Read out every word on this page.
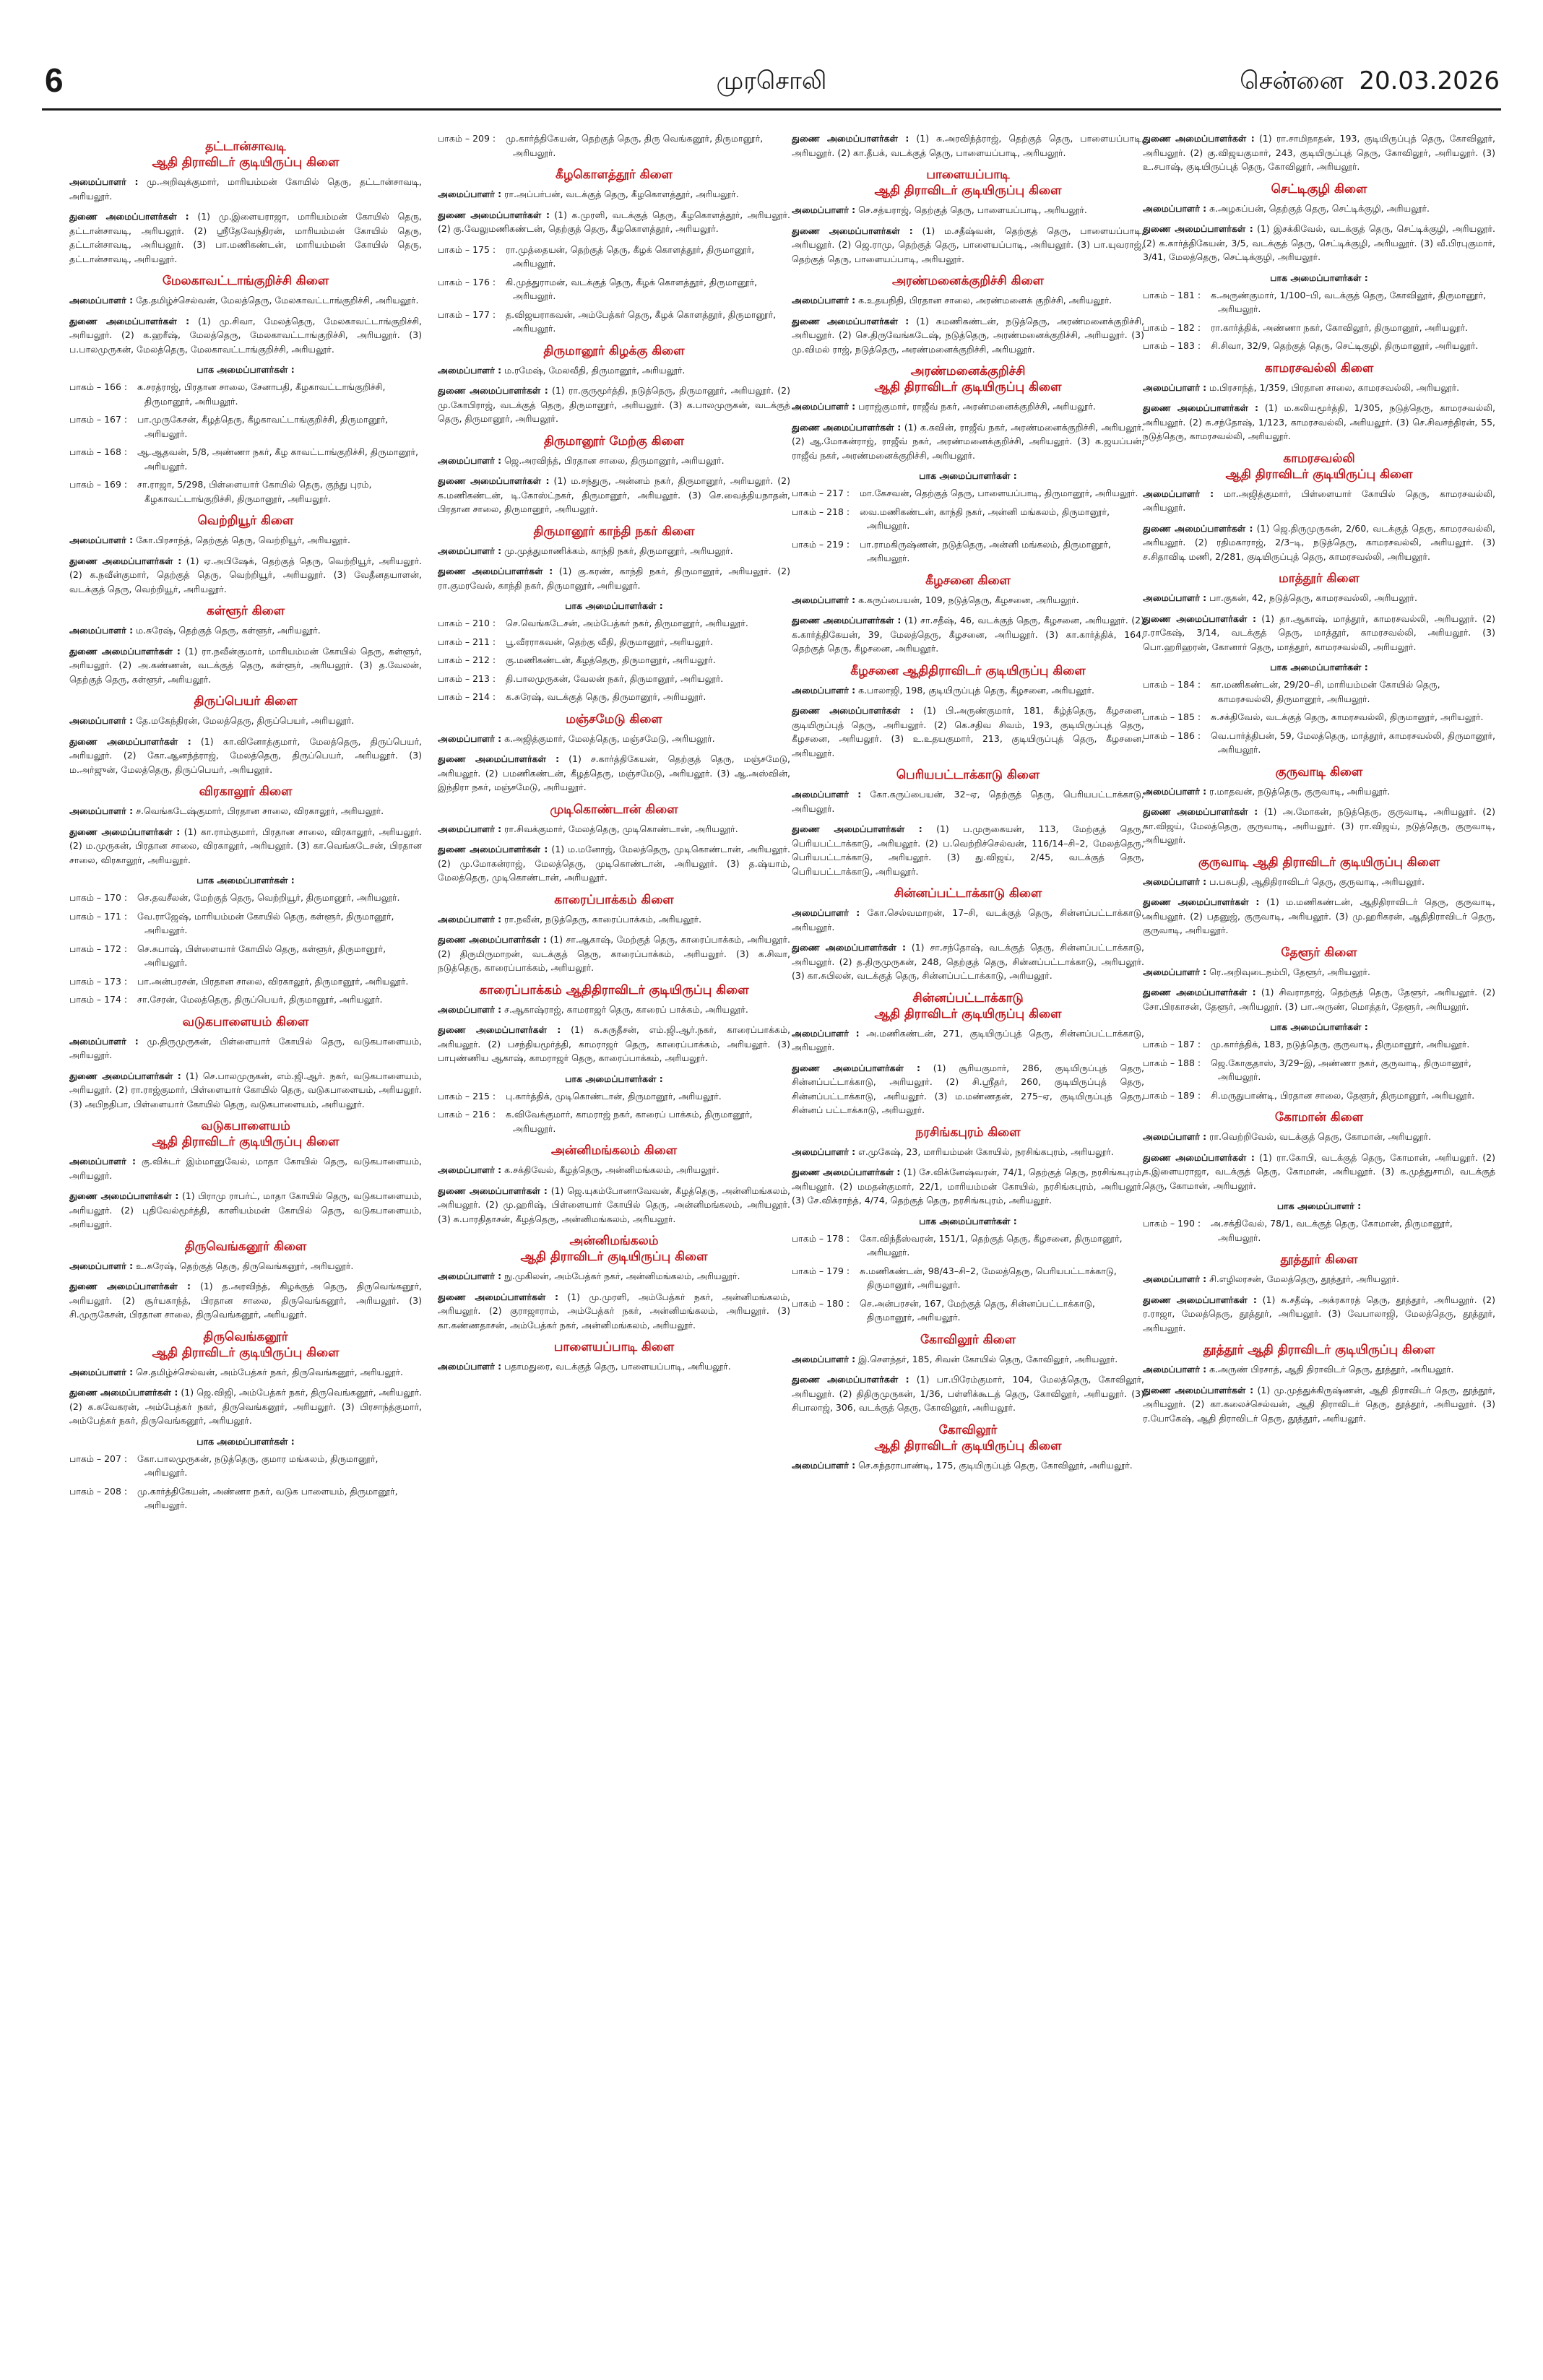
6	முரசொலி	சென்னை 20.03.2026
தட்டான்சாவடி
ஆதி திராவிடர் குடியிருப்பு கிளை
அமைப்பாளர் : மு.அறிவுக்குமார், மாரியம்மன் கோயில் தெரு, தட்டான்சாவடி, அரியலூர்.
துணை அமைப்பாளர்கள் : (1) மு.இளையராஜா, மாரியம்மன் கோயில் தெரு, தட்டான்சாவடி, அரியலூர். (2) ஸ்ரீதேவேந்திரன், மாரியம்மன் கோயில் தெரு, தட்டான்சாவடி, அரியலூர். (3) பா.மணிகண்டன், மாரியம்மன் கோயில் தெரு, தட்டான்சாவடி, அரியலூர்.
மேலகாவட்டாங்குறிச்சி கிளை
அமைப்பாளர் : தே.தமிழ்ச்செல்வன், மேலத்தெரு, மேலகாவட்டாங்குறிச்சி, அரியலூர்.
துணை அமைப்பாளர்கள் : (1) மு.சிவா, மேலத்தெரு, மேலகாவட்டாங்குறிச்சி, அரியலூர். (2) க.ஹரீஷ், மேலத்தெரு, மேலகாவட்டாங்குறிச்சி, அரியலூர். (3) ப.பாலமுருகன், மேலத்தெரு, மேலகாவட்டாங்குறிச்சி, அரியலூர்.
பாக அமைப்பாளர்கள் :
பாகம் – 166 :	க.சரத்ராஜ், பிரதான சாலை, சேனாபதி, கீழகாவட்டாங்குறிச்சி, திருமானூர், அரியலூர்.
பாகம் – 167 :	பா.முருகேசன், கீழத்தெரு, கீழகாவட்டாங்குறிச்சி, திருமானூர், அரியலூர்.
பாகம் – 168 :	ஆ.ஆதவன், 5/8, அண்ணா நகர், கீழ காவட்டாங்குறிச்சி, திருமானூர், அரியலூர்.
பாகம் – 169 :	சா.ராஜா, 5/298, பிள்ளையார் கோயில் தெரு, குந்து புரம், கீழகாவட்டாங்குறிச்சி, திருமானூர், அரியலூர்.
வெற்றியூர் கிளை
அமைப்பாளர் : கோ.பிரசாந்த், தெற்குத் தெரு, வெற்றியூர், அரியலூர்.
துணை அமைப்பாளர்கள் : (1) ஏ.அபிஷேக், தெற்குத் தெரு, வெற்றியூர், அரியலூர். (2) க.நவீன்குமார், தெற்குத் தெரு, வெற்றியூர், அரியலூர். (3) வேதீனதயாளன், வடக்குத் தெரு, வெற்றியூர், அரியலூர்.
கள்ளூர் கிளை
அமைப்பாளர் : ம.சுரேஷ், தெற்குத் தெரு, கள்ளூர், அரியலூர்.
துணை அமைப்பாளர்கள் : (1) ரா.நவீன்குமார், மாரியம்மன் கோயில் தெரு, கள்ளூர், அரியலூர். (2) அ.கண்ணன், வடக்குத் தெரு, கள்ளூர், அரியலூர். (3) த.வேலன், தெற்குத் தெரு, கள்ளூர், அரியலூர்.
திருப்பெயர் கிளை
அமைப்பாளர் : தே.மகேந்திரன், மேலத்தெரு, திருப்பெயர், அரியலூர்.
துணை அமைப்பாளர்கள் : (1) கா.வினோத்குமார், மேலத்தெரு, திருப்பெயர், அரியலூர். (2) கோ.ஆனந்த்ராஜ், மேலத்தெரு, திருப்பெயர், அரியலூர். (3) ம.அர்ஜுன், மேலத்தெரு, திருப்பெயர், அரியலூர்.
விரகாலூர் கிளை
அமைப்பாளர் : ச.வெங்கடேஷ்குமார், பிரதான சாலை, விரகாலூர், அரியலூர்.
துணை அமைப்பாளர்கள் : (1) கா.ராம்குமார், பிரதான சாலை, விரகாலூர், அரியலூர். (2) ம.முருகன், பிரதான சாலை, விரகாலூர், அரியலூர். (3) கா.வெங்கடேசன், பிரதான சாலை, விரகாலூர், அரியலூர்.
பாக அமைப்பாளர்கள் :
பாகம் – 170 :	செ.தவசீலன், மேற்குத் தெரு, வெற்றியூர், திருமானூர், அரியலூர்.
பாகம் – 171 :	வே.ராஜேஷ், மாரியம்மன் கோயில் தெரு, கள்ளூர், திருமானூர், அரியலூர்.
பாகம் – 172 :	செ.சுபாஷ், பிள்ளையார் கோயில் தெரு, கள்ளூர், திருமானூர், அரியலூர்.
பாகம் – 173 :	பா.அன்பரசன், பிரதான சாலை, விரகாலூர், திருமானூர், அரியலூர்.
பாகம் – 174 :	சா.சேரன், மேலத்தெரு, திருப்பெயர், திருமானூர், அரியலூர்.
வடுகபாளையம் கிளை
அமைப்பாளர் : மு.திருமுருகன், பிள்ளையார் கோயில் தெரு, வடுகபாளையம், அரியலூர்.
துணை அமைப்பாளர்கள் : (1) செ.பாலமுருகன், எம்.ஜி.ஆர். நகர், வடுகபாளையம், அரியலூர். (2) ரா.ராஜ்குமார், பிள்ளையார் கோயில் தெரு, வடுகபாளையம், அரியலூர். (3) அபிநதிபா, பிள்ளையார் கோயில் தெரு, வடுகபாளையம், அரியலூர்.
வடுகபாளையம்
ஆதி திராவிடர் குடியிருப்பு கிளை
அமைப்பாளர் : கு.விக்டர் இம்மானுவேல், மாதா கோயில் தெரு, வடுகபாளையம், அரியலூர்.
துணை அமைப்பாளர்கள் : (1) பிராமு ராபர்ட், மாதா கோயில் தெரு, வடுகபாளையம், அரியலூர். (2) புதிவேல்மூர்த்தி, காளியம்மன் கோயில் தெரு, வடுகபாளையம், அரியலூர்.
திருவெங்கனூர் கிளை
அமைப்பாளர் : உ.சுரேஷ், தெற்குத் தெரு, திருவெங்கனூர், அரியலூர்.
துணை அமைப்பாளர்கள் : (1) த.அரவிந்த், கிழக்குத் தெரு, திருவெங்கனூர், அரியலூர். (2) சூர்யகாந்த், பிரதான சாலை, திருவெங்கனூர், அரியலூர். (3) சி.முருகேசன், பிரதான சாலை, திருவெங்கனூர், அரியலூர்.
திருவெங்கனூர்
ஆதி திராவிடர் குடியிருப்பு கிளை
அமைப்பாளர் : செ.தமிழ்ச்செல்வன், அம்பேத்கர் நகர், திருவெங்கனூர், அரியலூர்.
துணை அமைப்பாளர்கள் : (1) ஜெ.விஜி, அம்பேத்கர் நகர், திருவெங்கனூர், அரியலூர். (2) க.சுவேகரன், அம்பேத்கர் நகர், திருவெங்கனூர், அரியலூர். (3) பிரசாந்த்குமார், அம்பேத்கர் நகர், திருவெங்கனூர், அரியலூர்.
பாக அமைப்பாளர்கள் :
பாகம் – 207 :	கோ.பாலமுருகன், நடுத்தெரு, குமார மங்கலம், திருமானூர், அரியலூர்.
பாகம் – 208 :	மு.கார்த்திகேயன், அண்ணா நகர், வடுக பாளையம், திருமானூர், அரியலூர்.
பாகம் – 209 :	மு.கார்த்திகேயன், தெற்குத் தெரு, திரு வெங்கனூர், திருமானூர், அரியலூர்.
கீழகொளத்தூர் கிளை
அமைப்பாளர் : ரா.அப்பர்பன், வடக்குத் தெரு, கீழகொளத்தூர், அரியலூர்.
துணை அமைப்பாளர்கள் : (1) க.முரளி, வடக்குத் தெரு, கீழகொளத்தூர், அரியலூர். (2) கு.வேலுமணிகண்டன், தெற்குத் தெரு, கீழகொளத்தூர், அரியலூர்.
பாகம் – 175 :	ரா.முத்தையன், தெற்குத் தெரு, கீழக் கொளத்தூர், திருமானூர், அரியலூர்.
பாகம் – 176 :	கி.முத்துராமன், வடக்குத் தெரு, கீழக் கொளத்தூர், திருமானூர், அரியலூர்.
பாகம் – 177 :	த.விஜயராகவன், அம்பேத்கர் தெரு, கீழக் கொளத்தூர், திருமானூர், அரியலூர்.
திருமானூர் கிழக்கு கிளை
அமைப்பாளர் : ம.ரமேஷ், மேலவீதி, திருமானூர், அரியலூர்.
துணை அமைப்பாளர்கள் : (1) ரா.குருமூர்த்தி, நடுத்தெரு, திருமானூர், அரியலூர். (2) மு.கோபிராஜ், வடக்குத் தெரு, திருமானூர், அரியலூர். (3) க.பாலமுருகன், வடக்குத் தெரு, திருமானூர், அரியலூர்.
திருமானூர் மேற்கு கிளை
அமைப்பாளர் : ஜெ.அரவிந்த், பிரதான சாலை, திருமானூர், அரியலூர்.
துணை அமைப்பாளர்கள் : (1) ம.சந்துரு, அன்னம் நகர், திருமானூர், அரியலூர். (2) க.மணிகண்டன், டி.கோஸ்ட்நகர், திருமானூர், அரியலூர். (3) செ.வைத்தியநாதன், பிரதான சாலை, திருமானூர், அரியலூர்.
திருமானூர் காந்தி நகர் கிளை
அமைப்பாளர் : மு.முத்துமாணிக்கம், காந்தி நகர், திருமானூர், அரியலூர்.
துணை அமைப்பாளர்கள் : (1) கு.கரண், காந்தி நகர், திருமானூர், அரியலூர். (2) ரா.குமரவேல், காந்தி நகர், திருமானூர், அரியலூர்.
பாக அமைப்பாளர்கள் :
பாகம் – 210 :	செ.வெங்கடேசன், அம்பேத்கர் நகர், திருமானூர், அரியலூர்.
பாகம் – 211 :	பூ.வீரராகவன், தெற்கு வீதி, திருமானூர், அரியலூர்.
பாகம் – 212 :	கு.மணிகண்டன், கீழத்தெரு, திருமானூர், அரியலூர்.
பாகம் – 213 :	தி.பாலமுருகன், வேலன் நகர், திருமானூர், அரியலூர்.
பாகம் – 214 :	க.சுரேஷ், வடக்குத் தெரு, திருமானூர், அரியலூர்.
மஞ்சமேடு கிளை
அமைப்பாளர் : க.அஜித்குமார், மேலத்தெரு, மஞ்சமேடு, அரியலூர்.
துணை அமைப்பாளர்கள் : (1) ச.கார்த்திகேயன், தெற்குத் தெரு, மஞ்சமேடு, அரியலூர். (2) பமணிகண்டன், கீழத்தெரு, மஞ்சமேடு, அரியலூர். (3) ஆ.அஸ்வின், இந்திரா நகர், மஞ்சமேடு, அரியலூர்.
முடிகொண்டான் கிளை
அமைப்பாளர் : ரா.சிவக்குமார், மேலத்தெரு, முடிகொண்டான், அரியலூர்.
துணை அமைப்பாளர்கள் : (1) ம.மனோஜ், மேலத்தெரு, முடிகொண்டான், அரியலூர். (2) மு.மோகன்ராஜ், மேலத்தெரு, முடிகொண்டான், அரியலூர். (3) த.ஷ்யாம், மேலத்தெரு, முடிகொண்டான், அரியலூர்.
காரைப்பாக்கம் கிளை
அமைப்பாளர் : ரா.நவீன், நடுத்தெரு, காரைப்பாக்கம், அரியலூர்.
துணை அமைப்பாளர்கள் : (1) சா.ஆகாஷ், மேற்குத் தெரு, காரைப்பாக்கம், அரியலூர். (2) திருமிருமாறன், வடக்குத் தெரு, காரைப்பாக்கம், அரியலூர். (3) க.சிவா, நடுத்தெரு, காரைப்பாக்கம், அரியலூர்.
காரைப்பாக்கம் ஆதிதிராவிடர் குடியிருப்பு கிளை
அமைப்பாளர் : ச.ஆகாஷ்ராஜ், காமராஜர் தெரு, காரைப் பாக்கம், அரியலூர்.
துணை அமைப்பாளர்கள் : (1) சு.சுருதீசன், எம்.ஜி.ஆர்.நகர், காரைப்பாக்கம், அரியலூர். (2) பசந்தியமூர்த்தி, காமராஜர் தெரு, காரைப்பாக்கம், அரியலூர். (3) பாபுண்ணிய ஆகாஷ், காமராஜர் தெரு, காரைப்பாக்கம், அரியலூர்.
பாக அமைப்பாளர்கள் :
பாகம் – 215 :	பு.கார்த்திக், முடிகொண்டான், திருமானூர், அரியலூர்.
பாகம் – 216 :	க.விவேக்குமார், காமராஜ் நகர், காரைப் பாக்கம், திருமானூர், அரியலூர்.
அன்னிமங்கலம் கிளை
அமைப்பாளர் : க.சக்திவேல், கீழத்தெரு, அன்னிமங்கலம், அரியலூர்.
துணை அமைப்பாளர்கள் : (1) ஜெ.யுகம்போனாவேவன், கீழத்தெரு, அன்னிமங்கலம், அரியலூர். (2) மு.ஹரிஷ், பிள்ளையார் கோயில் தெரு, அன்னிமங்கலம், அரியலூர். (3) சு.பாரதிதாசன், கீழத்தெரு, அன்னிமங்கலம், அரியலூர்.
அன்னிமங்கலம்
ஆதி திராவிடர் குடியிருப்பு கிளை
அமைப்பாளர் : நு.முகிலன், அம்பேத்கர் நகர், அன்னிமங்கலம், அரியலூர்.
துணை அமைப்பாளர்கள் : (1) மு.முரளி, அம்பேத்கர் நகர், அன்னிமங்கலம், அரியலூர். (2) குராஜாராம், அம்பேத்கர் நகர், அன்னிமங்கலம், அரியலூர். (3) கா.கண்ணதாசன், அம்பேத்கர் நகர், அன்னிமங்கலம், அரியலூர்.
பாளையப்பாடி கிளை
அமைப்பாளர் : பதாமதுரை, வடக்குத் தெரு, பாளையப்பாடி, அரியலூர்.
துணை அமைப்பாளர்கள் : (1) சு.அரவிந்த்ராஜ், தெற்குத் தெரு, பாளையப்பாடி, அரியலூர். (2) கா.தீபக், வடக்குத் தெரு, பாளையப்பாடி, அரியலூர்.
பாளையப்பாடி
ஆதி திராவிடர் குடியிருப்பு கிளை
அமைப்பாளர் : செ.சத்யராஜ், தெற்குத் தெரு, பாளையப்பாடி, அரியலூர்.
துணை அமைப்பாளர்கள் : (1) ம.சதீஷ்வன், தெற்குத் தெரு, பாளையப்பாடி, அரியலூர். (2) ஜெ.ராமு, தெற்குத் தெரு, பாளையப்பாடி, அரியலூர். (3) பா.யுவராஜ், தெற்குத் தெரு, பாளையப்பாடி, அரியலூர்.
அரண்மனைக்குறிச்சி கிளை
அமைப்பாளர் : க.உதயநிதி, பிரதான சாலை, அரண்மனைக் குறிச்சி, அரியலூர்.
துணை அமைப்பாளர்கள் : (1) சுமணிகண்டன், நடுத்தெரு, அரண்மனைக்குறிச்சி, அரியலூர். (2) செ.திருவேங்கடேஷ், நடுத்தெரு, அரண்மனைக்குறிச்சி, அரியலூர். (3) மு.விமல் ராஜ், நடுத்தெரு, அரண்மனைக்குறிச்சி, அரியலூர்.
அரண்மனைக்குறிச்சி
ஆதி திராவிடர் குடியிருப்பு கிளை
அமைப்பாளர் : பராஜ்குமார், ராஜீவ் நகர், அரண்மனைக்குறிச்சி, அரியலூர்.
துணை அமைப்பாளர்கள் : (1) க.கவின், ராஜீவ் நகர், அரண்மனைக்குறிச்சி, அரியலூர். (2) ஆ.மோகன்ராஜ், ராஜீவ் நகர், அரண்மனைக்குறிச்சி, அரியலூர். (3) க.ஜயப்பன், ராஜீவ் நகர், அரண்மனைக்குறிச்சி, அரியலூர்.
பாக அமைப்பாளர்கள் :
பாகம் – 217 :	மா.கேசவன், தெற்குத் தெரு, பாளையப்பாடி, திருமானூர், அரியலூர்.
பாகம் – 218 :	வை.மணிகண்டன், காந்தி நகர், அன்னி மங்கலம், திருமானூர், அரியலூர்.
பாகம் – 219 :	பா.ராமகிருஷ்ணன், நடுத்தெரு, அன்னி மங்கலம், திருமானூர், அரியலூர்.
கீழசனை கிளை
அமைப்பாளர் : க.கருப்பையன், 109, நடுத்தெரு, கீழசனை, அரியலூர்.
துணை அமைப்பாளர்கள் : (1) சா.சதீஷ், 46, வடக்குத் தெரு, கீழசனை, அரியலூர். (2) க.கார்த்திகேயன், 39, மேலத்தெரு, கீழசனை, அரியலூர். (3) கா.கார்த்திக், 164, தெற்குத் தெரு, கீழசனை, அரியலூர்.
கீழசனை ஆதிதிராவிடர் குடியிருப்பு கிளை
அமைப்பாளர் : க.பாலாஜி, 198, குடியிருப்புத் தெரு, கீழசனை, அரியலூர்.
துணை அமைப்பாளர்கள் : (1) பி.அருண்குமார், 181, கீழ்த்தெரு, கீழசனை, குடியிருப்புத் தெரு, அரியலூர். (2) கெ.சதிவ சிவம், 193, குடியிருப்புத் தெரு, கீழசனை, அரியலூர். (3) உ.உதயகுமார், 213, குடியிருப்புத் தெரு, கீழசனை, அரியலூர்.
பெரியபட்டாக்காடு கிளை
அமைப்பாளர் : கோ.கருப்பையன், 32–ஏ, தெற்குத் தெரு, பெரியபட்டாக்காடு, அரியலூர்.
துணை அமைப்பாளர்கள் : (1) ப.முருகையன், 113, மேற்குத் தெரு, பெரியபட்டாக்காடு, அரியலூர். (2) ப.வெற்றிச்செல்வன், 116/14–சி–2, மேலத்தெரு, பெரியபட்டாக்காடு, அரியலூர். (3) து.விஜய், 2/45, வடக்குத் தெரு, பெரியபட்டாக்காடு, அரியலூர்.
சின்னப்பட்டாக்காடு கிளை
அமைப்பாளர் : கோ.செல்வமாறன், 17–சி, வடக்குத் தெரு, சின்னப்பட்டாக்காடு, அரியலூர்.
துணை அமைப்பாளர்கள் : (1) சா.சந்தோஷ், வடக்குத் தெரு, சின்னப்பட்டாக்காடு, அரியலூர். (2) த.திருமுருகன், 248, தெற்குத் தெரு, சின்னப்பட்டாக்காடு, அரியலூர். (3) கா.சுபிலன், வடக்குத் தெரு, சின்னப்பட்டாக்காடு, அரியலூர்.
சின்னப்பட்டாக்காடு
ஆதி திராவிடர் குடியிருப்பு கிளை
அமைப்பாளர் : அ.மணிகண்டன், 271, குடியிருப்புத் தெரு, சின்னப்பட்டாக்காடு, அரியலூர்.
துணை அமைப்பாளர்கள் : (1) சூரியகுமார், 286, குடியிருப்புத் தெரு, சின்னப்பட்டாக்காடு, அரியலூர். (2) சி.ஸ்ரீதர், 260, குடியிருப்புத் தெரு, சின்னப்பட்டாக்காடு, அரியலூர். (3) ம.மண்ணதன், 275–ஏ, குடியிருப்புத் தெரு, சின்னப் பட்டாக்காடு, அரியலூர்.
நரசிங்கபுரம் கிளை
அமைப்பாளர் : எ.முகேஷ், 23, மாரியம்மன் கோயில், நரசிங்கபுரம், அரியலூர்.
துணை அமைப்பாளர்கள் : (1) சே.விக்னேஷ்வரன், 74/1, தெற்குத் தெரு, நரசிங்கபுரம், அரியலூர். (2) மமதன்குமார், 22/1, மாரியம்மன் கோயில், நரசிங்கபுரம், அரியலூர். (3) சே.விக்ராந்த், 4/74, தெற்குத் தெரு, நரசிங்கபுரம், அரியலூர்.
பாக அமைப்பாளர்கள் :
பாகம் – 178 :	கோ.விந்தீஸ்வரன், 151/1, தெற்குத் தெரு, கீழசனை, திருமானூர், அரியலூர்.
பாகம் – 179 :	சு.மணிகண்டன், 98/43–சி–2, மேலத்தெரு, பெரியபட்டாக்காடு, திருமானூர், அரியலூர்.
பாகம் – 180 :	செ.அன்பரசன், 167, மேற்குத் தெரு, சின்னப்பட்டாக்காடு, திருமானூர், அரியலூர்.
கோவிலூர் கிளை
அமைப்பாளர் : இ.சௌந்தர், 185, சிவன் கோயில் தெரு, கோவிலூர், அரியலூர்.
துணை அமைப்பாளர்கள் : (1) பா.பிரேம்குமார், 104, மேலத்தெரு, கோவிலூர், அரியலூர். (2) திதிருமுருகன், 1/36, பள்ளிக்கூடத் தெரு, கோவிலூர், அரியலூர். (3) சிபாலாஜ், 306, வடக்குத் தெரு, கோவிலூர், அரியலூர்.
கோவிலூர்
ஆதி திராவிடர் குடியிருப்பு கிளை
அமைப்பாளர் : செ.சுந்தராபாண்டி, 175, குடியிருப்புத் தெரு, கோவிலூர், அரியலூர்.
துணை அமைப்பாளர்கள் : (1) ரா.சாமிநாதன், 193, குடியிருப்புத் தெரு, கோவிலூர், அரியலூர். (2) கு.விஜயகுமார், 243, குடியிருப்புத் தெரு, கோவிலூர், அரியலூர். (3) உ.சபாஷ், குடியிருப்புத் தெரு, கோவிலூர், அரியலூர்.
செட்டிகுழி கிளை
அமைப்பாளர் : சு.அழகப்பன், தெற்குத் தெரு, செட்டிக்குழி, அரியலூர்.
துணை அமைப்பாளர்கள் : (1) இசக்கிவேல், வடக்குத் தெரு, செட்டிக்குழி, அரியலூர். (2) க.கார்த்திகேயன், 3/5, வடக்குத் தெரு, செட்டிக்குழி, அரியலூர். (3) வீ.பிரபுகுமார், 3/41, மேலத்தெரு, செட்டிக்குழி, அரியலூர்.
பாக அமைப்பாளர்கள் :
பாகம் – 181 :	க.அருண்குமார், 1/100–பி, வடக்குத் தெரு, கோவிலூர், திருமானூர், அரியலூர்.
பாகம் – 182 :	ரா.கார்த்திக், அண்ணா நகர், கோவிலூர், திருமானூர், அரியலூர்.
பாகம் – 183 :	சி.சிவா, 32/9, தெற்குத் தெரு, செட்டிகுழி, திருமானூர், அரியலூர்.
காமரசவல்லி கிளை
அமைப்பாளர் : ம.பிரசாந்த், 1/359, பிரதான சாலை, காமரசவல்லி, அரியலூர்.
துணை அமைப்பாளர்கள் : (1) ம.கலியமூர்த்தி, 1/305, நடுத்தெரு, காமரசவல்லி, அரியலூர். (2) சு.சந்தோஷ், 1/123, காமரசவல்லி, அரியலூர். (3) செ.சிவசந்திரன், 55, நடுத்தெரு, காமரசவல்லி, அரியலூர்.
காமரசவல்லி
ஆதி திராவிடர் குடியிருப்பு கிளை
அமைப்பாளர் : மா.அஜித்குமார், பிள்ளையார் கோயில் தெரு, காமரசவல்லி, அரியலூர்.
துணை அமைப்பாளர்கள் : (1) ஜெ.திருமுருகன், 2/60, வடக்குத் தெரு, காமரசவல்லி, அரியலூர். (2) ரதிமகாராஜ், 2/3–டி, நடுத்தெரு, காமரசவல்லி, அரியலூர். (3) ச.சிதாவிடி மணி, 2/281, குடியிருப்புத் தெரு, காமரசவல்லி, அரியலூர்.
மாத்தூர் கிளை
அமைப்பாளர் : பா.குகன், 42, நடுத்தெரு, காமரசவல்லி, அரியலூர்.
துணை அமைப்பாளர்கள் : (1) தா.ஆகாஷ், மாத்தூர், காமரசவல்லி, அரியலூர். (2) ர.ராகேஷ், 3/14, வடக்குத் தெரு, மாத்தூர், காமரசவல்லி, அரியலூர். (3) பொ.ஹரிஹரன், கோனார் தெரு, மாத்தூர், காமரசவல்லி, அரியலூர்.
பாக அமைப்பாளர்கள் :
பாகம் – 184 :	கா.மணிகண்டன், 29/20–சி, மாரியம்மன் கோயில் தெரு, காமரசவல்லி, திருமானூர், அரியலூர்.
பாகம் – 185 :	சு.சக்திவேல், வடக்குத் தெரு, காமரசவல்லி, திருமானூர், அரியலூர்.
பாகம் – 186 :	வெ.பார்த்திபன், 59, மேலத்தெரு, மாத்தூர், காமரசவல்லி, திருமானூர், அரியலூர்.
குருவாடி கிளை
அமைப்பாளர் : ர.மாதவன், நடுத்தெரு, குருவாடி, அரியலூர்.
துணை அமைப்பாளர்கள் : (1) அ.மோகன், நடுத்தெரு, குருவாடி, அரியலூர். (2) கா.விஜய், மேலத்தெரு, குருவாடி, அரியலூர். (3) ரா.விஜய், நடுத்தெரு, குருவாடி, அரியலூர்.
குருவாடி ஆதி திராவிடர் குடியிருப்பு கிளை
அமைப்பாளர் : ப.பசுபதி, ஆதிதிராவிடர் தெரு, குருவாடி, அரியலூர்.
துணை அமைப்பாளர்கள் : (1) ம.மணிகண்டன், ஆதிதிராவிடர் தெரு, குருவாடி, அரியலூர். (2) பதனுஜ், குருவாடி, அரியலூர். (3) மு.ஹரிகரன், ஆதிதிராவிடர் தெரு, குருவாடி, அரியலூர்.
தேளூர் கிளை
அமைப்பாளர் : ரெ.அறிவுடைநம்பி, தேளூர், அரியலூர்.
துணை அமைப்பாளர்கள் : (1) சிவராதாஜ், தெற்குத் தெரு, தேளூர், அரியலூர். (2) சோ.பிரகாசன், தேளூர், அரியலூர். (3) பா.அருண், மொத்தர், தேளூர், அரியலூர்.
பாக அமைப்பாளர்கள் :
பாகம் – 187 :	மு.கார்த்திக், 183, நடுத்தெரு, குருவாடி, திருமானூர், அரியலூர்.
பாகம் – 188 :	ஜெ.கோகுதாஸ், 3/29–இ, அண்ணா நகர், குருவாடி, திருமானூர், அரியலூர்.
பாகம் – 189 :	சி.மருதுபாண்டி, பிரதான சாலை, தேளூர், திருமானூர், அரியலூர்.
கோமான் கிளை
அமைப்பாளர் : ரா.வெற்றிவேல், வடக்குத் தெரு, கோமான், அரியலூர்.
துணை அமைப்பாளர்கள் : (1) ரா.கோபி, வடக்குத் தெரு, கோமான், அரியலூர். (2) க.இளையராஜா, வடக்குத் தெரு, கோமான், அரியலூர். (3) க.முத்துசாமி, வடக்குத் தெரு, கோமான், அரியலூர்.
பாக அமைப்பாளர் :
பாகம் – 190 :	அ.சக்திவேல், 78/1, வடக்குத் தெரு, கோமான், திருமானூர், அரியலூர்.
தூத்தூர் கிளை
அமைப்பாளர் : சி.எழிலரசன், மேலத்தெரு, தூத்தூர், அரியலூர்.
துணை அமைப்பாளர்கள் : (1) சு.சதீஷ், அக்ரகாரத் தெரு, தூத்தூர், அரியலூர். (2) ர.ராஜா, மேலத்தெரு, தூத்தூர், அரியலூர். (3) வேபாலாஜி, மேலத்தெரு, தூத்தூர், அரியலூர்.
தூத்தூர் ஆதி திராவிடர் குடியிருப்பு கிளை
அமைப்பாளர் : க.அருண் பிரசாத், ஆதி திராவிடர் தெரு, தூத்தூர், அரியலூர்.
துணை அமைப்பாளர்கள் : (1) மு.முத்துக்கிருஷ்ணன், ஆதி திராவிடர் தெரு, தூத்தூர், அரியலூர். (2) கா.கலைச்செல்வன், ஆதி திராவிடர் தெரு, தூத்தூர், அரியலூர். (3) ர.யோகேஷ், ஆதி திராவிடர் தெரு, தூத்தூர், அரியலூர்.
